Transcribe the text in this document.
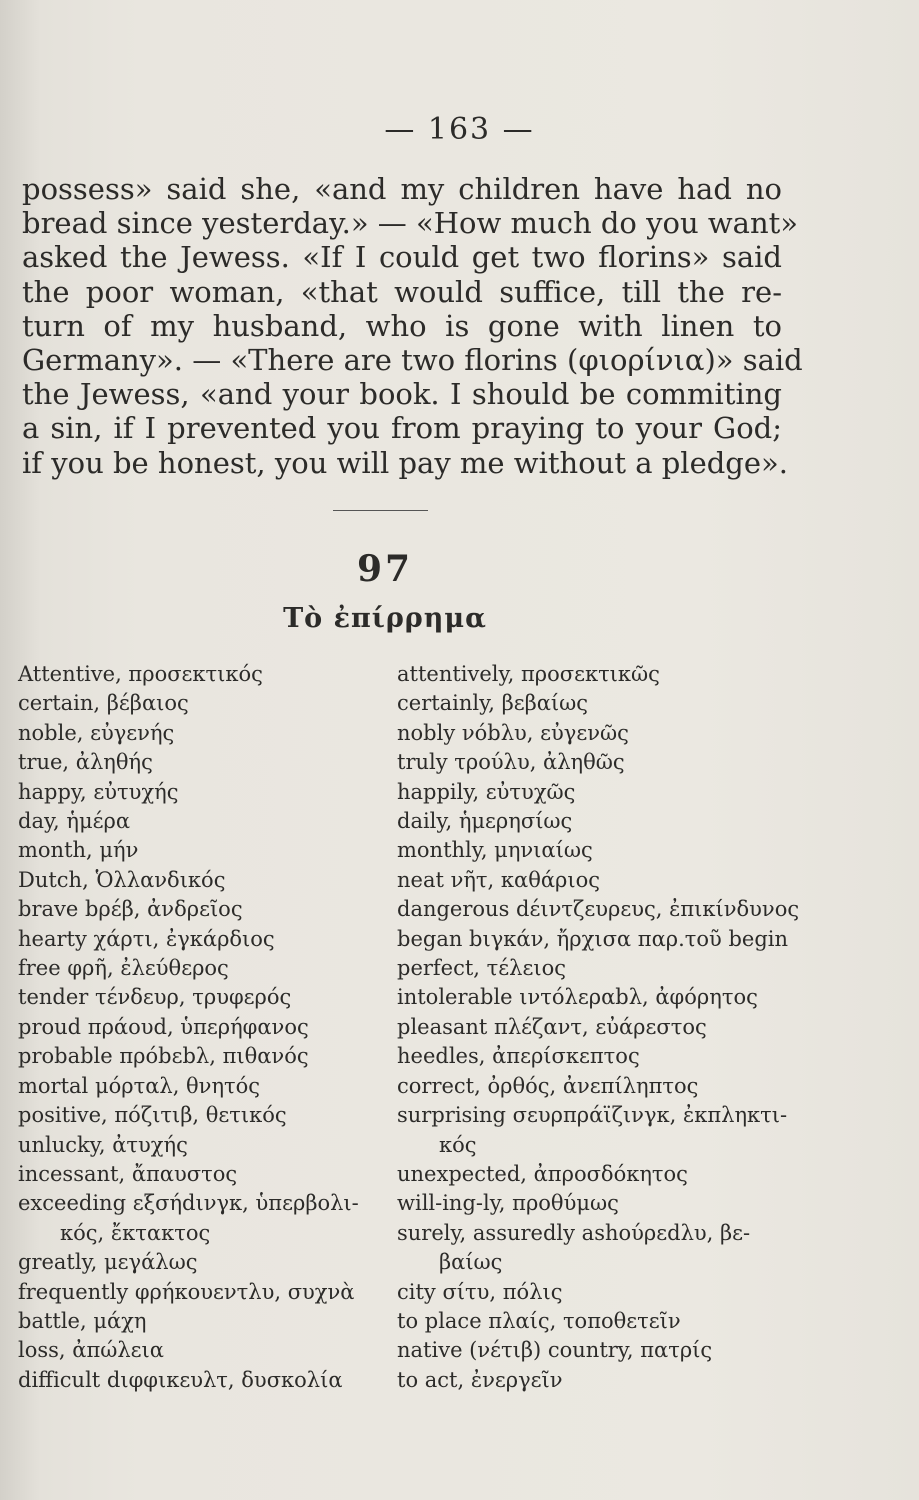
— 163 —

possess» said she, «and my children have had no
bread since yesterday.» — «How much do you want»
asked the Jewess. «If I could get two florins» said
the poor woman, «that would suffice, till the re-
turn of my husband, who is gone with linen to
Germany». — «There are two florins (φιορίνια)» said
the Jewess, «and your book. I should be commiting
a sin, if I prevented you from praying to your God;
if you be honest, you will pay me without a pledge».

97
Τὸ ἐπίρρημα
Attentive, προσεκτικός
certain, βέβαιος
noble, εὐγενής
true, ἀληθής
happy, εὐτυχής
day, ἡμέρα
month, μήν
Dutch, Ὁλλανδικός
brave bρέβ, ἀνδρεῖος
hearty χάρτι, ἐγκάρδιος
free φρῆ, ἐλεύθερος
tender τένδευρ, τρυφερός
proud πράουd, ὑπερήφανος
probable πρόbεbλ, πιθανός
mortal μόρταλ, θνητός
positive, πόζιτιβ, θετικός
unlucky, ἀτυχής
incessant, ἄπαυστος
exceeding εξσήdινγκ, ὑπερβολι-
κός, ἔκτακτος
greatly, μεγάλως
frequently φρήκουεντλυ, συχνὰ
battle, μάχη
loss, ἀπώλεια
difficult dιφφικευλτ, δυσκολία
attentively, προσεκτικῶς
certainly, βεβαίως
nobly νόbλυ, εὐγενῶς
truly τρούλυ, ἀληθῶς
happily, εὐτυχῶς
daily, ἡμερησίως
monthly, μηνιαίως
neat νῆτ, καθάριος
dangerous dέιντζευρευς, ἐπικίνδυνος
began bιγκάν, ἤρχισα παρ.τοῦ begin
perfect, τέλειος
intolerable ιντόλεραbλ, ἀφόρητος
pleasant πλέζαντ, εὐάρεστος
heedles, ἀπερίσκεπτος
correct, ὀρθός, ἀνεπίληπτος
surprising σευρπράϊζινγκ, ἐκπληκτι-
κός
unexpected, ἀπροσδόκητος
will-ing-ly, προθύμως
surely, assuredly ashoύρεdλυ, βε-
βαίως
city σίτυ, πόλις
to place πλαίς, τοποθετεῖν
native (νέτιβ) country, πατρίς
to act, ἐνεργεῖν
